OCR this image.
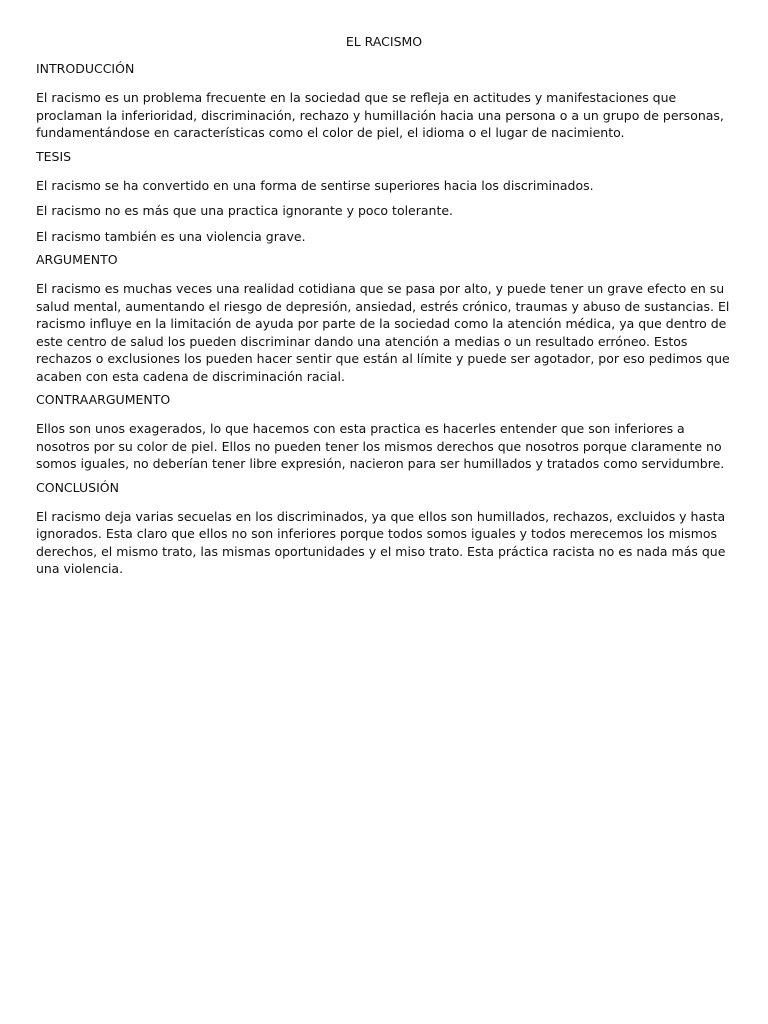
EL RACISMO
INTRODUCCIÓN

El racismo es un problema frecuente en la sociedad que se refleja en actitudes y manifestaciones que proclaman la inferioridad, discriminación, rechazo y humillación hacia una persona o a un grupo de personas, fundamentándose en características como el color de piel, el idioma o el lugar de nacimiento.

TESIS

El racismo se ha convertido en una forma de sentirse superiores hacia los discriminados.

El racismo no es más que una practica ignorante y poco tolerante.

El racismo también es una violencia grave.

ARGUMENTO

El racismo es muchas veces una realidad cotidiana que se pasa por alto, y puede tener un grave efecto en su salud mental, aumentando el riesgo de depresión, ansiedad, estrés crónico, traumas y abuso de sustancias. El racismo influye en la limitación de ayuda por parte de la sociedad como la atención médica, ya que dentro de este centro de salud los pueden discriminar dando una atención a medias o un resultado erróneo. Estos rechazos o exclusiones los pueden hacer sentir que están al límite y puede ser agotador, por eso pedimos que acaben con esta cadena de discriminación racial.

CONTRAARGUMENTO

Ellos son unos exagerados, lo que hacemos con esta practica es hacerles entender que son inferiores a nosotros por su color de piel. Ellos no pueden tener los mismos derechos que nosotros porque claramente no somos iguales, no deberían tener libre expresión, nacieron para ser humillados y tratados como servidumbre.

CONCLUSIÓN

El racismo deja varias secuelas en los discriminados, ya que ellos son humillados, rechazos, excluidos y hasta ignorados. Esta claro que ellos no son inferiores porque todos somos iguales y todos merecemos los mismos derechos, el mismo trato, las mismas oportunidades y el miso trato. Esta práctica racista no es nada más que una violencia.
